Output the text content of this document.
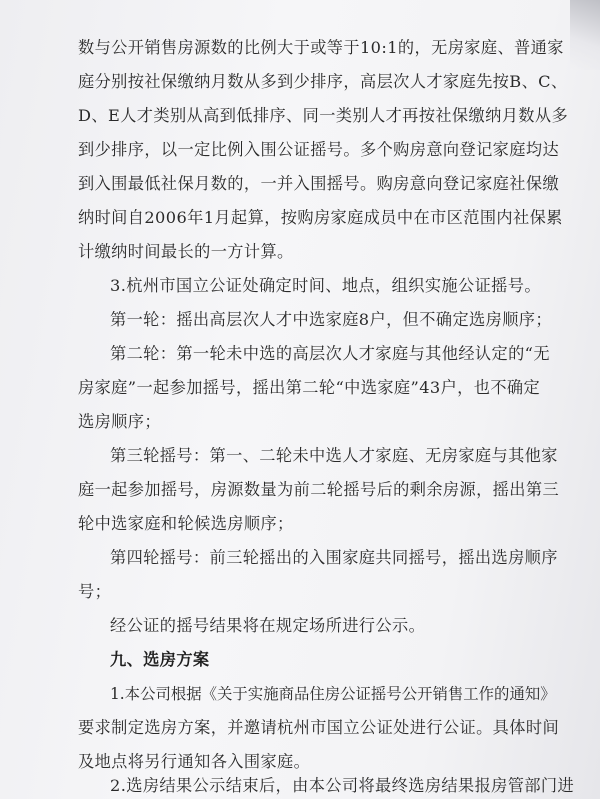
数与公开销售房源数的比例大于或等于10:1的，无房家庭、普通家
庭分别按社保缴纳月数从多到少排序，高层次人才家庭先按B、C、
D、E人才类别从高到低排序、同一类别人才再按社保缴纳月数从多
到少排序，以一定比例入围公证摇号。多个购房意向登记家庭均达
到入围最低社保月数的，一并入围摇号。购房意向登记家庭社保缴
纳时间自2006年1月起算，按购房家庭成员中在市区范围内社保累
计缴纳时间最长的一方计算。
3.杭州市国立公证处确定时间、地点，组织实施公证摇号。
第一轮：摇出高层次人才中选家庭8户，但不确定选房顺序；
第二轮：第一轮未中选的高层次人才家庭与其他经认定的“无
房家庭”一起参加摇号，摇出第二轮“中选家庭”43户，也不确定
选房顺序；
第三轮摇号：第一、二轮未中选人才家庭、无房家庭与其他家
庭一起参加摇号，房源数量为前二轮摇号后的剩余房源，摇出第三
轮中选家庭和轮候选房顺序；
第四轮摇号：前三轮摇出的入围家庭共同摇号，摇出选房顺序
号；
经公证的摇号结果将在规定场所进行公示。
九、选房方案
1.本公司根据《关于实施商品住房公证摇号公开销售工作的通知》
要求制定选房方案，并邀请杭州市国立公证处进行公证。具体时间
及地点将另行通知各入围家庭。
2.选房结果公示结束后，由本公司将最终选房结果报房管部门进
